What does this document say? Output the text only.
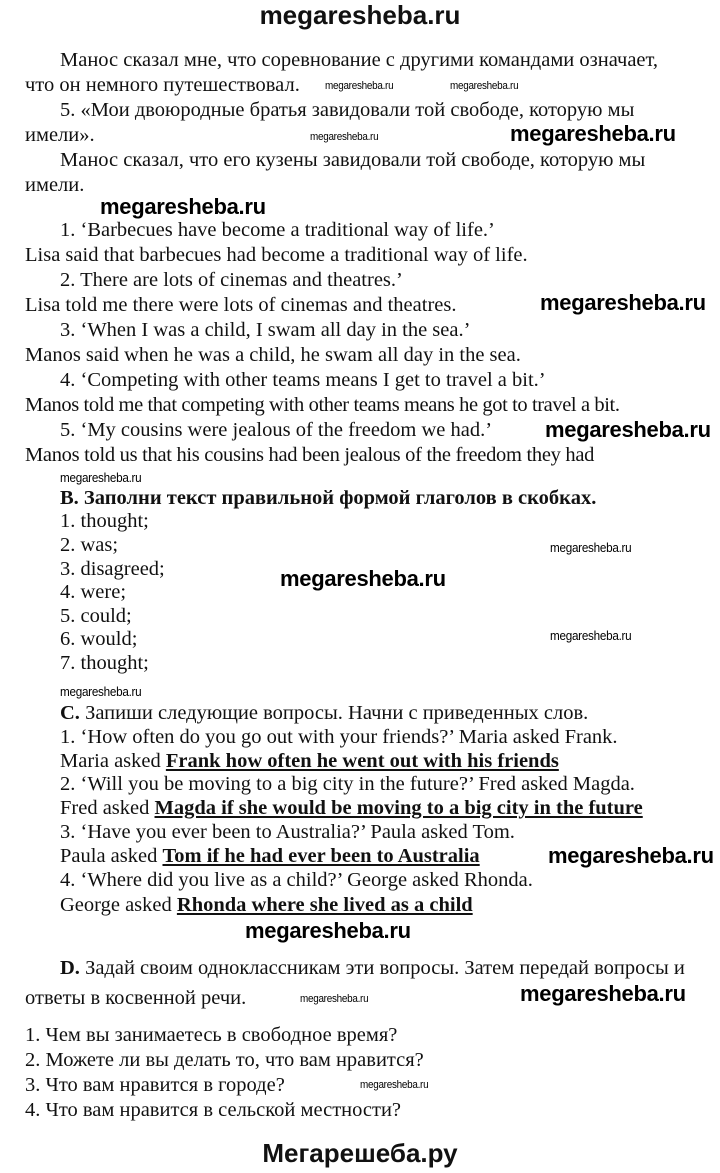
megaresheba.ru
Манос сказал мне, что соревнование с другими командами означает,
что он немного путешествовал.
5. «Мои двоюродные братья завидовали той свободе, которую мы
имели».
Манос сказал, что его кузены завидовали той свободе, которую мы
имели.
1. ‘Barbecues have become a traditional way of life.’
Lisa said that barbecues had become a traditional way of life.
2. There are lots of cinemas and theatres.’
Lisa told me there were lots of cinemas and theatres.
3. ‘When I was a child, I swam all day in the sea.’
Manos said when he was a child, he swam all day in the sea.
4. ‘Competing with other teams means I get to travel a bit.’
Manos told me that competing with other teams means he got to travel a bit.
5. ‘My cousins were jealous of the freedom we had.’
Manos told us that his cousins had been jealous of the freedom they had
B. Заполни текст правильной формой глаголов в скобках.
1. thought;
2. was;
3. disagreed;
4. were;
5. could;
6. would;
7. thought;
C. Запиши следующие вопросы. Начни с приведенных слов.
1. ‘How often do you go out with your friends?’ Maria asked Frank.
Maria asked Frank how often he went out with his friends
2. ‘Will you be moving to a big city in the future?’ Fred asked Magda.
Fred asked Magda if she would be moving to a big city in the future
3. ‘Have you ever been to Australia?’ Paula asked Tom.
Paula asked Tom if he had ever been to Australia
4. ‘Where did you live as a child?’ George asked Rhonda.
George asked Rhonda where she lived as a child
D. Задай своим одноклассникам эти вопросы. Затем передай вопросы и
ответы в косвенной речи.
1. Чем вы занимаетесь в свободное время?
2. Можете ли вы делать то, что вам нравится?
3. Что вам нравится в городе?
4. Что вам нравится в сельской местности?
Мегарешеба.ру
megaresheba.ru
megaresheba.ru
megaresheba.ru	megaresheba.ru
megaresheba.ru
megaresheba.ru
megaresheba.ru
megaresheba.ru
megaresheba.ru
megaresheba.ru
megaresheba.ru
megaresheba.ru
megaresheba.ru
megaresheba.ru
megaresheba.ru	megaresheba.ru
megaresheba.ru
